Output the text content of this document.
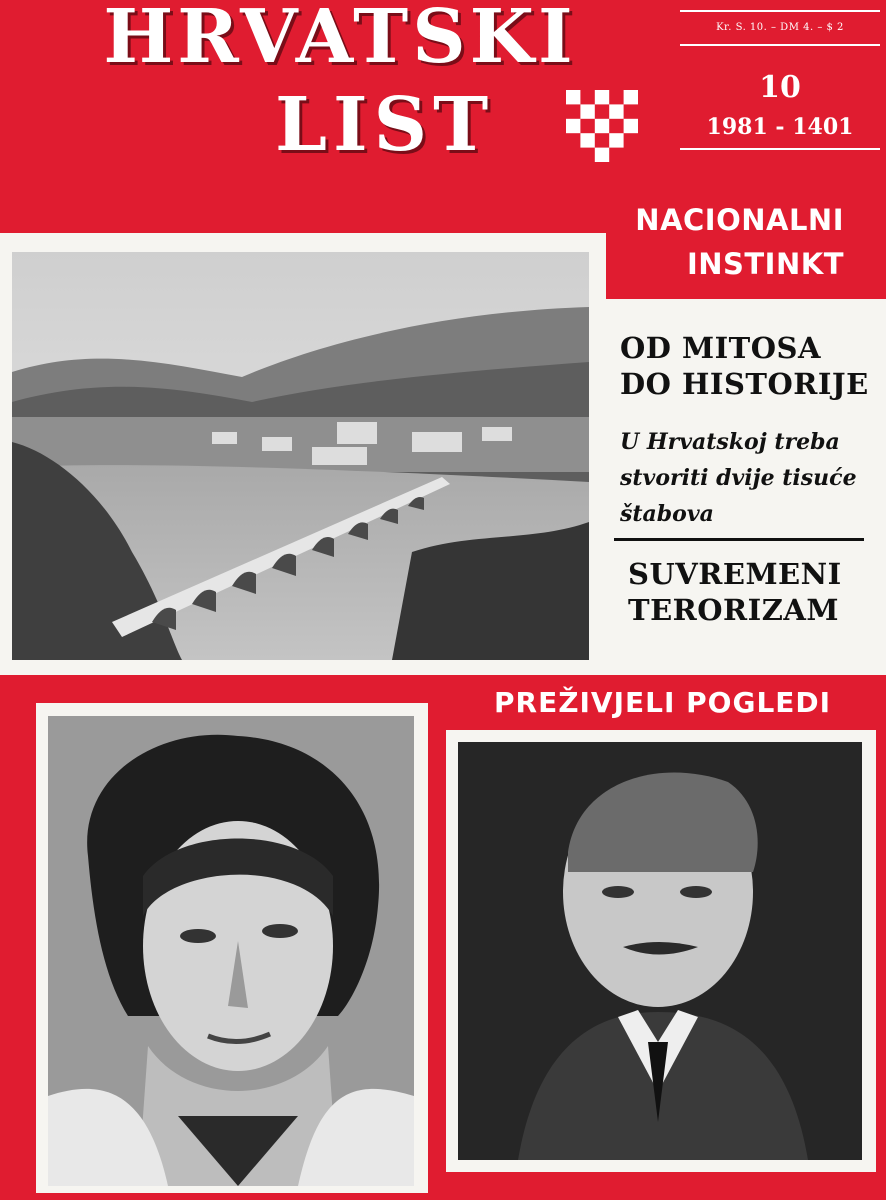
HRVATSKI
LIST
Kr. S. 10. – DM 4. – $ 2
10
1981 - 1401
NACIONALNI
INSTINKT
OD MITOSA
DO HISTORIJE
U Hrvatskoj treba
stvoriti dvije tisuće
štabova
SUVREMENI
TERORIZAM
PREŽIVJELI POGLEDI
